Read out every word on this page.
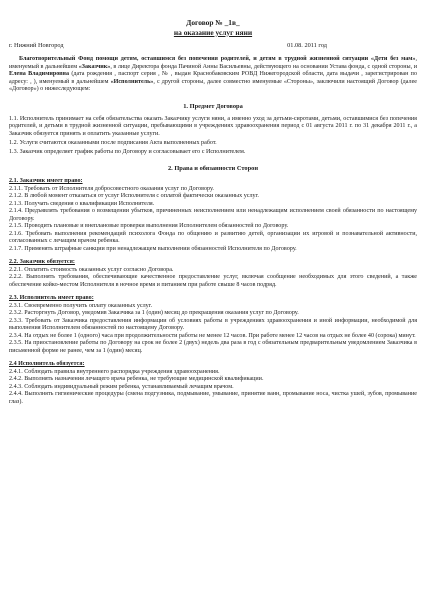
Договор № _1в_
на оказание услуг няни
г. Нижний Новгород	01.08. 2011 год

Благотворительный Фонд помощи детям, оставшимся без попечения родителей, и детям в трудной жизненной ситуации «Дети без мам», именуемый в дальнейшем «Заказчик», в лице Директора фонда Пачиной Анны Васильевны, действующего на основании Устава фонда, с одной стороны, и Елена Владимировна (дата рождения , паспорт серия , № , выдан Краснобаковским РОВД Нижегородской области, дата выдачи , зарегистрирован по адресу: , ), именуемый в дальнейшем «Исполнитель», с другой стороны, далее совместно именуемые «Стороны», заключили настоящий Договор (далее «Договор») о нижеследующем:

1. Предмет Договора

1.1. Исполнитель принимает на себя обязательства оказать Заказчику услуги няни, а именно уход за детьми-сиротами, детьми, оставшимися без попечения родителей, и детьми в трудной жизненной ситуации, пребывающими в учреждениях здравоохранения период с 01 августа 2011 г. по 31 декабря 2011 г., а Заказчик обязуется принять и оплатить указанные услуги.

1.2. Услуги считаются оказанными после подписания Акта выполненных работ.

1.3. Заказчик определяет график работы по Договору и согласовывает его с Исполнителем.

2. Права и обязанности Сторон
2.1. Заказчик имеет право:

2.1.1. Требовать от Исполнителя добросовестного оказания услуг по Договору.

2.1.2. В любой момент отказаться от услуг Исполнителя с оплатой фактически оказанных услуг.

2.1.3. Получать сведения о квалификации Исполнителя.

2.1.4. Предъявлять требования о возмещении убытков, причиненных неисполнением или ненадлежащим исполнением своей обязанности по настоящему Договору.

2.1.5. Проводить плановые и внеплановые проверки выполнения Исполнителем обязанностей по Договору.

2.1.6. Требовать выполнения рекомендаций психолога Фонда по общению и развитию детей, организации их игровой и познавательной активности, согласованных с лечащим врачом ребенка.

2.1.7. Применять штрафные санкции при ненадлежащем выполнении обязанностей Исполнителя по Договору.

2.2. Заказчик обязуется:

2.2.1. Оплатить стоимость оказанных услуг согласно Договора.

2.2.2. Выполнять требования, обеспечивающие качественное предоставление услуг, включая сообщение необходимых для этого сведений, а также обеспечение койко-местом Исполнителя в ночное время и питанием при работе свыше 8 часов подряд.

2.3. Исполнитель имеет право:

2.3.1. Своевременно получить оплату оказанных услуг.

2.3.2. Расторгнуть Договор, уведомив Заказчика за 1 (один) месяц до прекращения оказания услуг по Договору.

2.3.3. Требовать от Заказчика предоставления информации об условиях работы в учреждениях здравоохранения и иной информации, необходимой для выполнения Исполнителем обязанностей по настоящему Договору.

2.3.4. На отдых не более 1 (одного) часа при продолжительности работы не менее 12 часов. При работе менее 12 часов на отдых не более 40 (сорока) минут.

2.3.5. На приостановление работы по Договору на срок не более 2 (двух) недель два раза в год с обязательным предварительным уведомлением Заказчика в письменной форме не ранее, чем за 1 (один) месяц.

2.4 Исполнитель обязуется:

2.4.1. Соблюдать правила внутреннего распорядка учреждения здравоохранения.

2.4.2. Выполнять назначения лечащего врача ребенка, не требующие медицинской квалификации.

2.4.3. Соблюдать индивидуальный режим ребенка, устанавливаемый лечащим врачом.

2.4.4. Выполнять гигиенические процедуры (смена подгузника, подмывание, умывание, принятие ванн, промывание носа, чистка ушей, зубов, промывание глаз).
